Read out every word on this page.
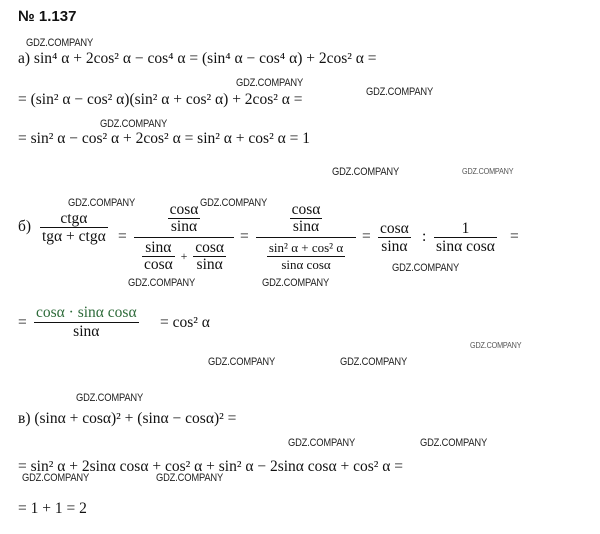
№ 1.137
а) sin⁴ α + 2cos² α − cos⁴ α = (sin⁴ α − cos⁴ α) + 2cos² α =
= (sin² α − cos² α)(sin² α + cos² α) + 2cos² α =
= sin² α − cos² α + 2cos² α = sin² α + cos² α = 1
$б) \frac{\text{ctgα}}{\text{tgα + ctgα}}$ =
$\frac{\cos\alpha}{\sin\alpha}$
$\frac{\sin\alpha}{\cos\alpha} + \frac{\cos\alpha}{\sin\alpha}$
= $\frac{\frac{\cos\alpha}{\sin\alpha}}{\frac{\text{sin² α + cos² α}}{\text{sinα cosα}}} = \frac{\cos\alpha}{\sin\alpha}$ : $\frac{1}{\text{sinα cosα}}$ =
= $\frac{\text{cosα · sinα cosα}}{\sin\alpha} = \cos^2$ α
в) (sinα + cosα)² + (sinα − cosα)² =
= sin² α + 2sinα cosα + cos² α + sin² α − 2sinα cosα + cos² α =
= 1 + 1 = 2
GDZ.COMPANY
GDZ.COMPANY
GDZ.COMPANY
GDZ.COMPANY
GDZ.COMPANY	GDZ.COMPANY
GDZ.COMPANY	GDZ.COMPANY
GDZ.COMPANY	GDZ.COMPANY
GDZ.COMPANY
GDZ.COMPANY
GDZ.COMPANY	GDZ.COMPANY
GDZ.COMPANY
GDZ.COMPANY	GDZ.COMPANY
GDZ.COMPANY	GDZ.COMPANY
